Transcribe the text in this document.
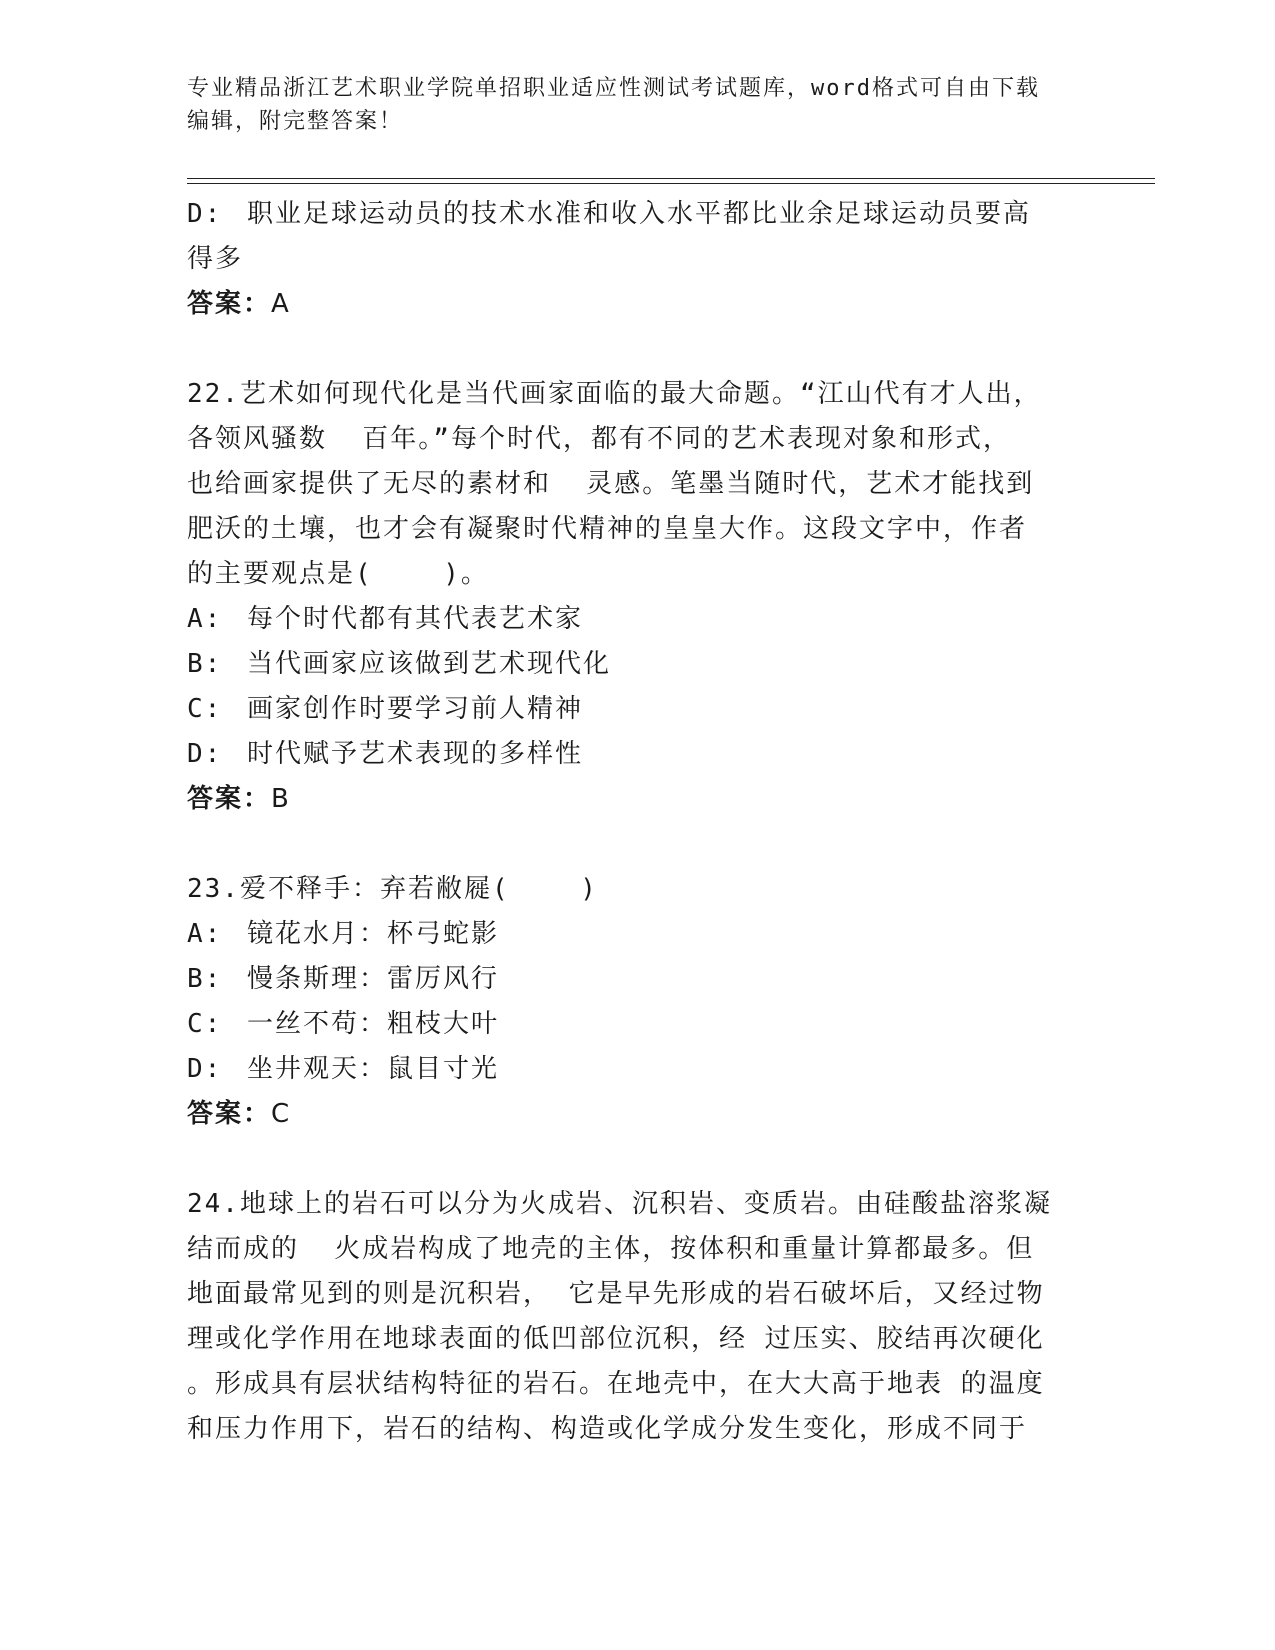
专业精品浙江艺术职业学院单招职业适应性测试考试题库，word格式可自由下载
编辑，附完整答案！
D: 职业足球运动员的技术水准和收入水平都比业余足球运动员要高
得多
答案：A
22.艺术如何现代化是当代画家面临的最大命题。“江山代有才人出，
各领风骚数  百年。”每个时代，都有不同的艺术表现对象和形式，
也给画家提供了无尽的素材和  灵感。笔墨当随时代，艺术才能找到
肥沃的土壤，也才会有凝聚时代精神的皇皇大作。这段文字中，作者
的主要观点是(    )。
A: 每个时代都有其代表艺术家
B: 当代画家应该做到艺术现代化
C: 画家创作时要学习前人精神
D: 时代赋予艺术表现的多样性
答案：B
23.爱不释手：弃若敝屣(    )
A: 镜花水月：杯弓蛇影
B: 慢条斯理：雷厉风行
C: 一丝不苟：粗枝大叶
D: 坐井观天：鼠目寸光
答案：C
24.地球上的岩石可以分为火成岩、沉积岩、变质岩。由硅酸盐溶浆凝
结而成的  火成岩构成了地壳的主体，按体积和重量计算都最多。但
地面最常见到的则是沉积岩， 它是早先形成的岩石破坏后，又经过物
理或化学作用在地球表面的低凹部位沉积，经 过压实、胶结再次硬化
。形成具有层状结构特征的岩石。在地壳中，在大大高于地表 的温度
和压力作用下，岩石的结构、构造或化学成分发生变化，形成不同于
